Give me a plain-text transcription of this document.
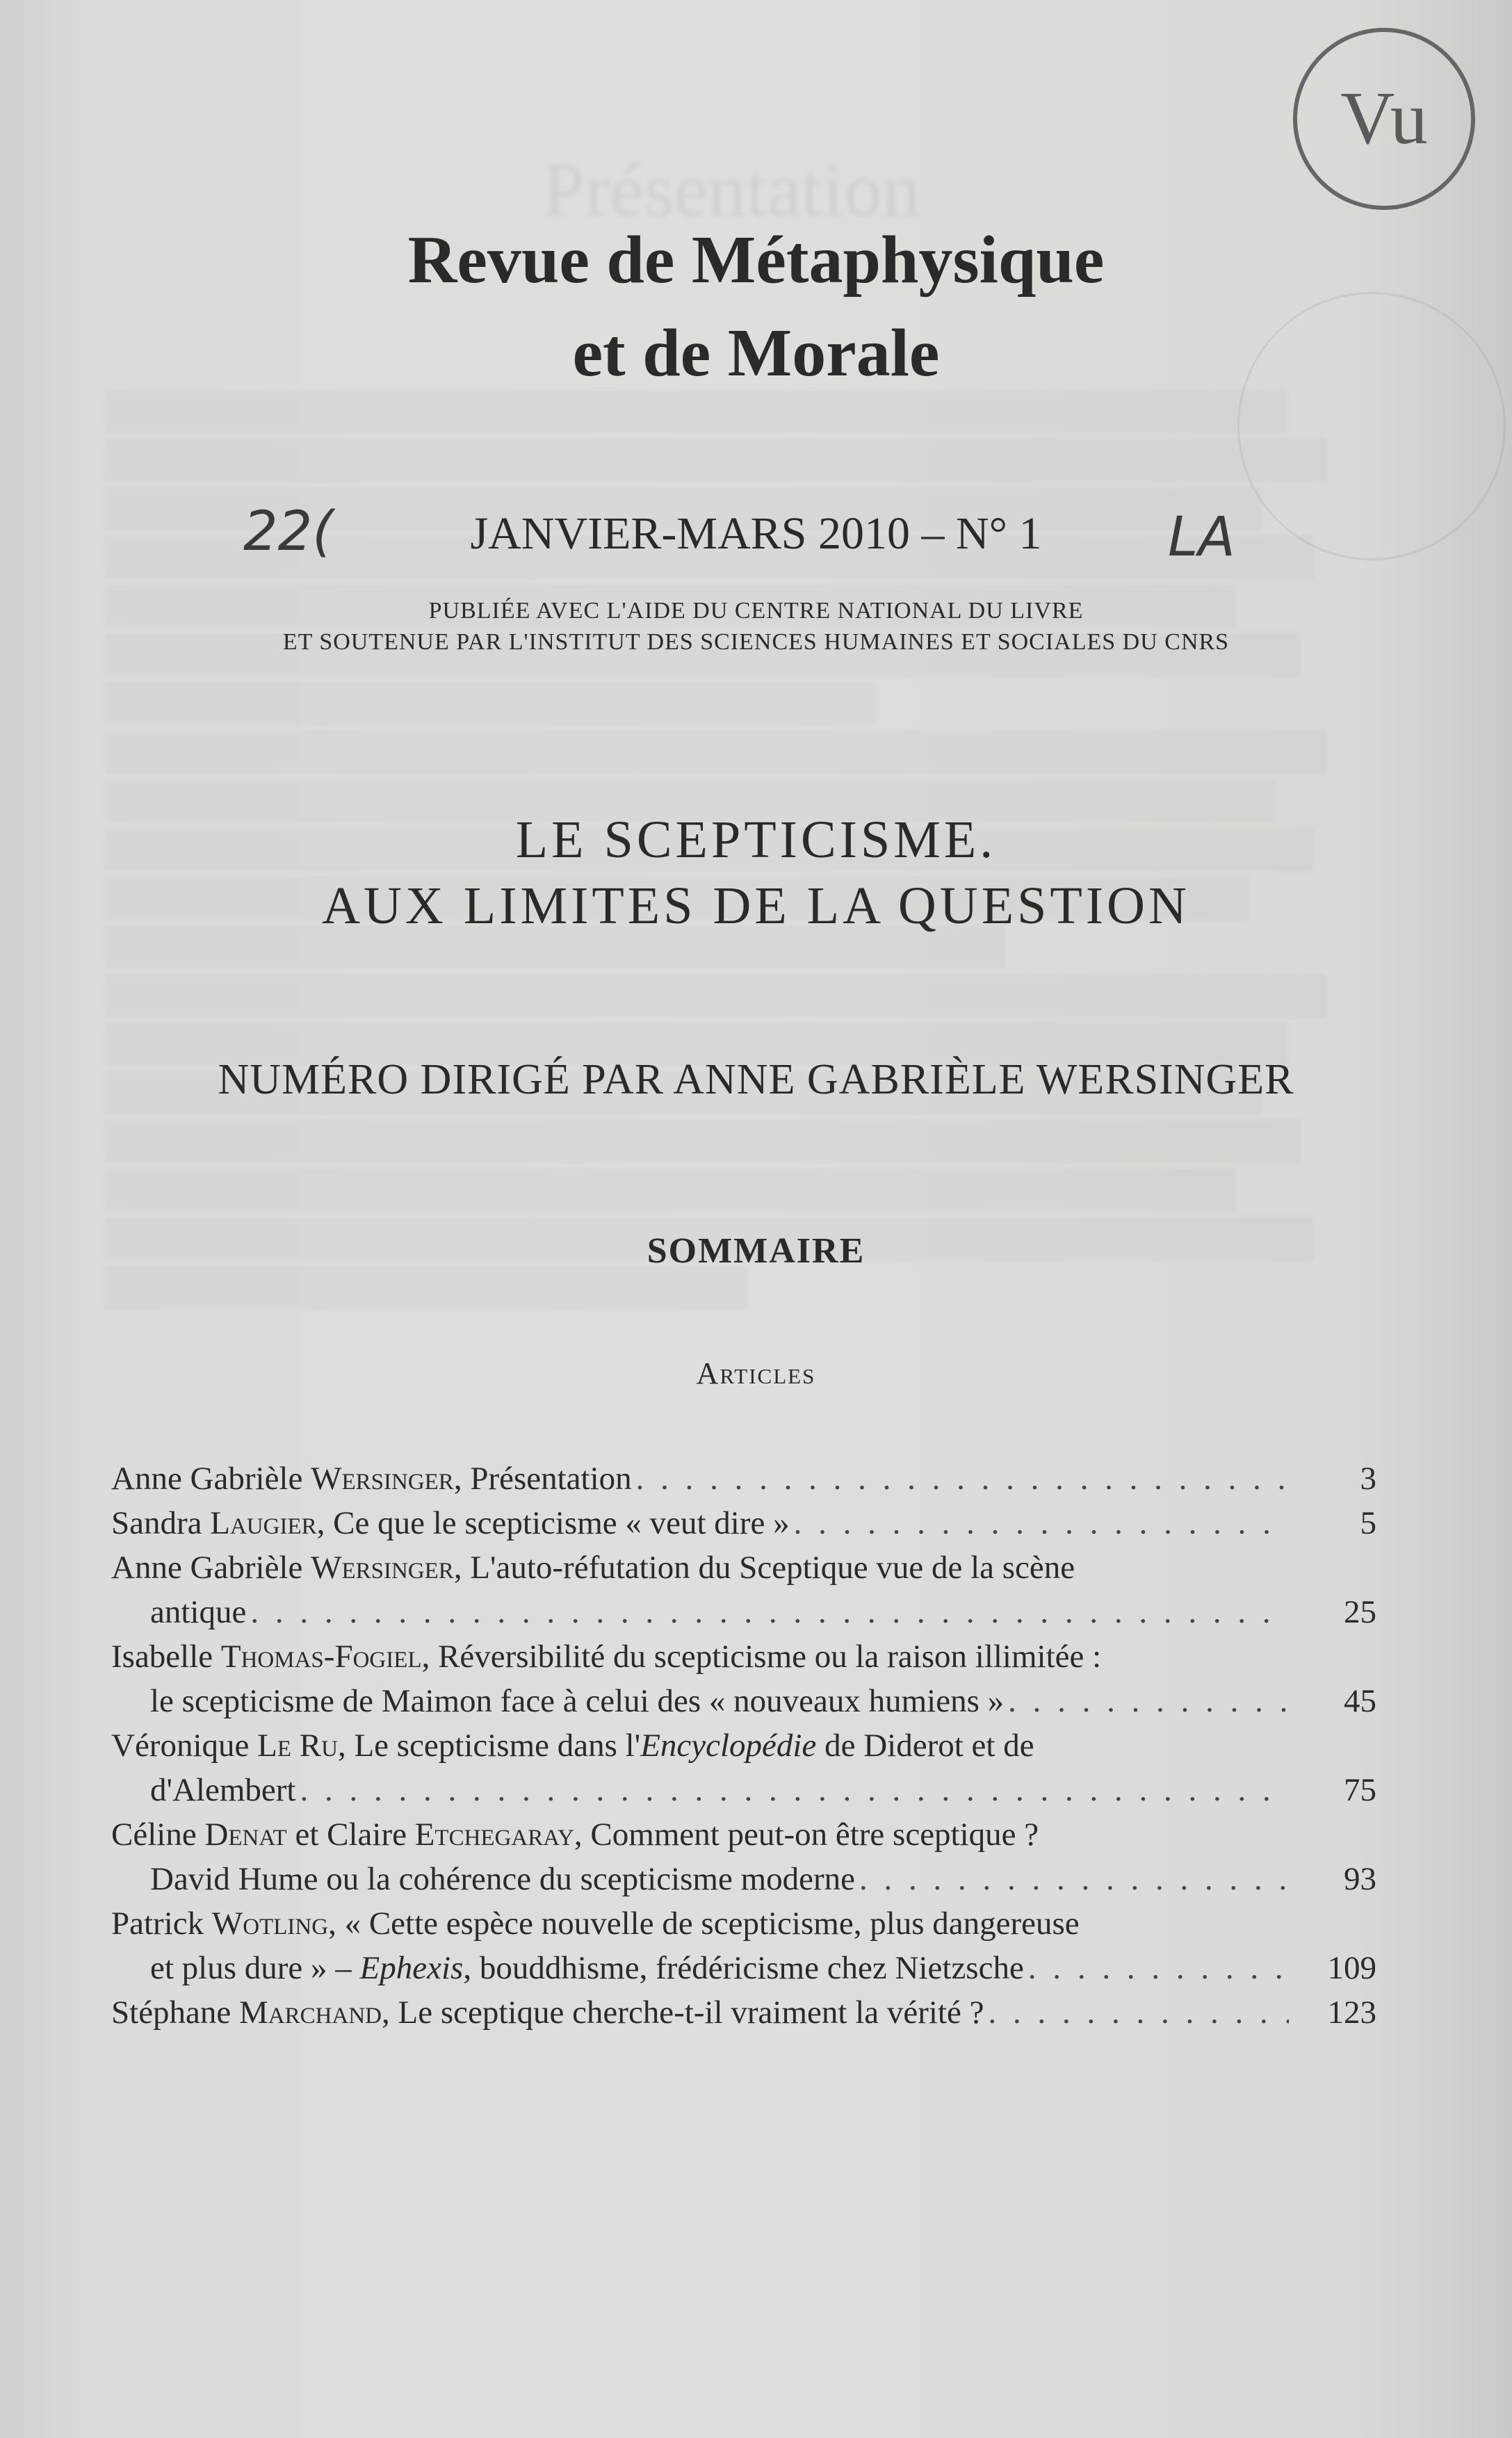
Présentation
Vu
Revue de Métaphysique
et de Morale
22(	JANVIER-MARS 2010 – N° 1	LA
PUBLIÉE AVEC L'AIDE DU CENTRE NATIONAL DU LIVRE
ET SOUTENUE PAR L'INSTITUT DES SCIENCES HUMAINES ET SOCIALES DU CNRS
LE SCEPTICISME.
AUX LIMITES DE LA QUESTION
NUMÉRO DIRIGÉ PAR ANNE GABRIÈLE WERSINGER
SOMMAIRE
Articles
Anne Gabrièle Wersinger, Présentation . . .	3
Sandra Laugier, Ce que le scepticisme « veut dire » . . .	5
Anne Gabrièle Wersinger, L'auto-réfutation du Sceptique vue de la scène
antique . . .	25
Isabelle Thomas-Fogiel, Réversibilité du scepticisme ou la raison illimitée :
le scepticisme de Maimon face à celui des « nouveaux humiens » . . .	45
Véronique Le Ru, Le scepticisme dans l'Encyclopédie de Diderot et de
d'Alembert . . .	75
Céline Denat et Claire Etchegaray, Comment peut-on être sceptique ?
David Hume ou la cohérence du scepticisme moderne . . .	93
Patrick Wotling, « Cette espèce nouvelle de scepticisme, plus dangereuse
et plus dure » – Ephexis, bouddhisme, frédéricisme chez Nietzsche . . .	109
Stéphane Marchand, Le sceptique cherche-t-il vraiment la vérité ? . . .	123
